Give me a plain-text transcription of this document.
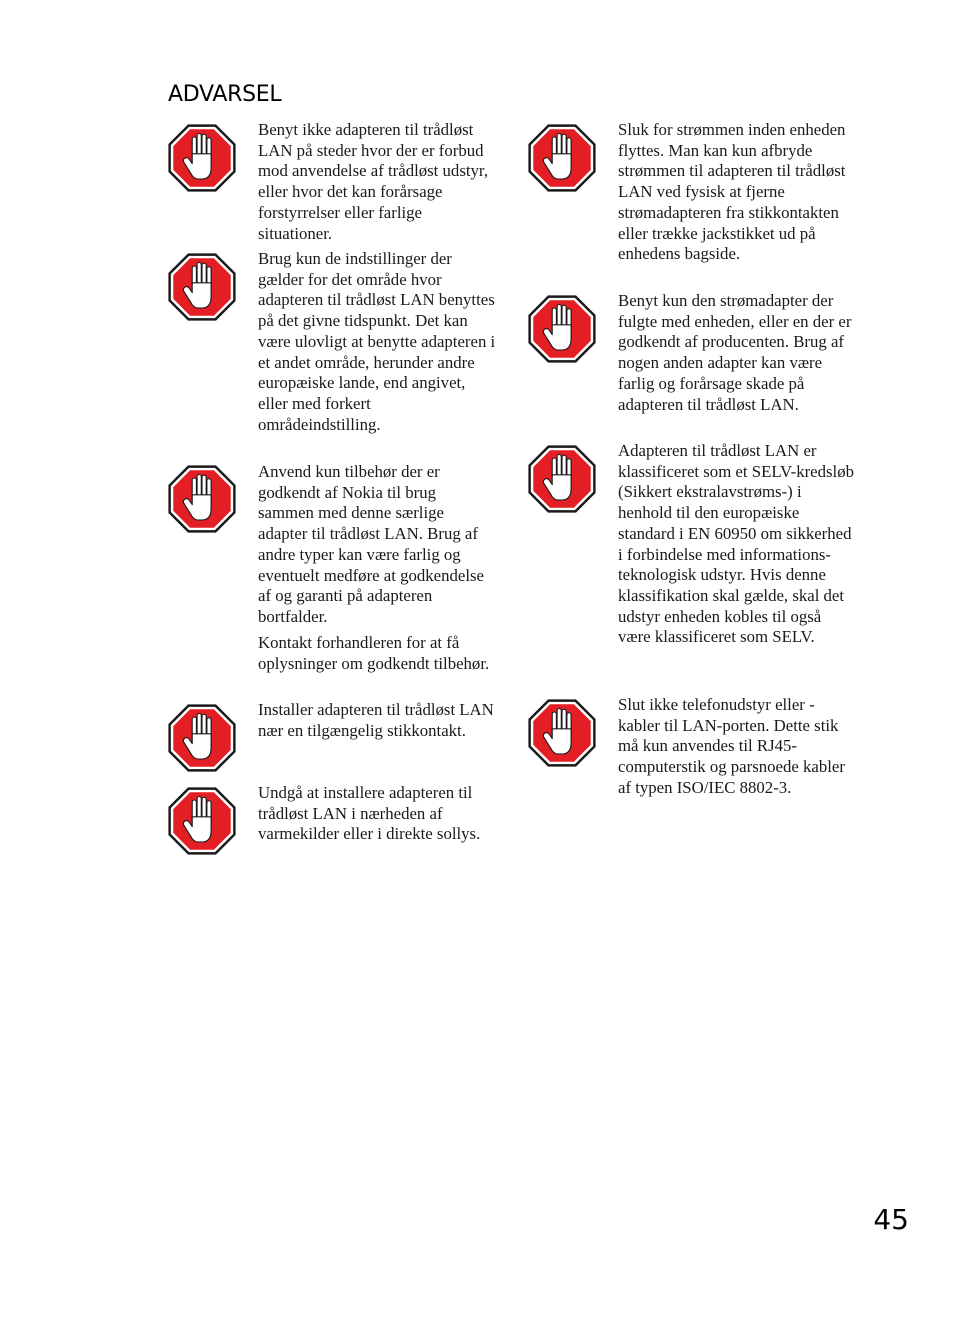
ADVARSEL

Benyt ikke adapteren til trådløst LAN på steder hvor der er forbud mod anvendelse af trådløst udstyr, eller hvor det kan forårsage forstyrrelser eller farlige situationer.

Brug kun de indstillinger der gælder for det område hvor adapteren til trådløst LAN benyttes på det givne tidspunkt. Det kan være ulovligt at benytte adapteren i et andet område, herunder andre europæiske lande, end angivet, eller med forkert områdeindstilling.

Anvend kun tilbehør der er godkendt af Nokia til brug sammen med denne særlige adapter til trådløst LAN. Brug af andre typer kan være farlig og eventuelt medføre at godkendelse af og garanti på adapteren bortfalder.

Kontakt forhandleren for at få oplysninger om godkendt tilbehør.

Installer adapteren til trådløst LAN nær en tilgængelig stikkontakt.

Undgå at installere adapteren til trådløst LAN i nærheden af varmekilder eller i direkte sollys.

Sluk for strømmen inden enheden flyttes. Man kan kun afbryde strømmen til adapteren til trådløst LAN ved fysisk at fjerne strømadapteren fra stikkontakten eller trække jackstikket ud på enhedens bagside.

Benyt kun den strømadapter der fulgte med enheden, eller en der er godkendt af producenten. Brug af nogen anden adapter kan være farlig og forårsage skade på adapteren til trådløst LAN.

Adapteren til trådløst LAN er klassificeret som et SELV-kredsløb (Sikkert ekstralavstrøms-) i henhold til den europæiske standard i EN 60950 om sikkerhed i forbindelse med informations-teknologisk udstyr. Hvis denne klassifikation skal gælde, skal det udstyr enheden kobles til også være klassificeret som SELV.

Slut ikke telefonudstyr eller -kabler til LAN-porten. Dette stik må kun anvendes til RJ45-computerstik og parsnoede kabler af typen ISO/IEC 8802-3.

45
